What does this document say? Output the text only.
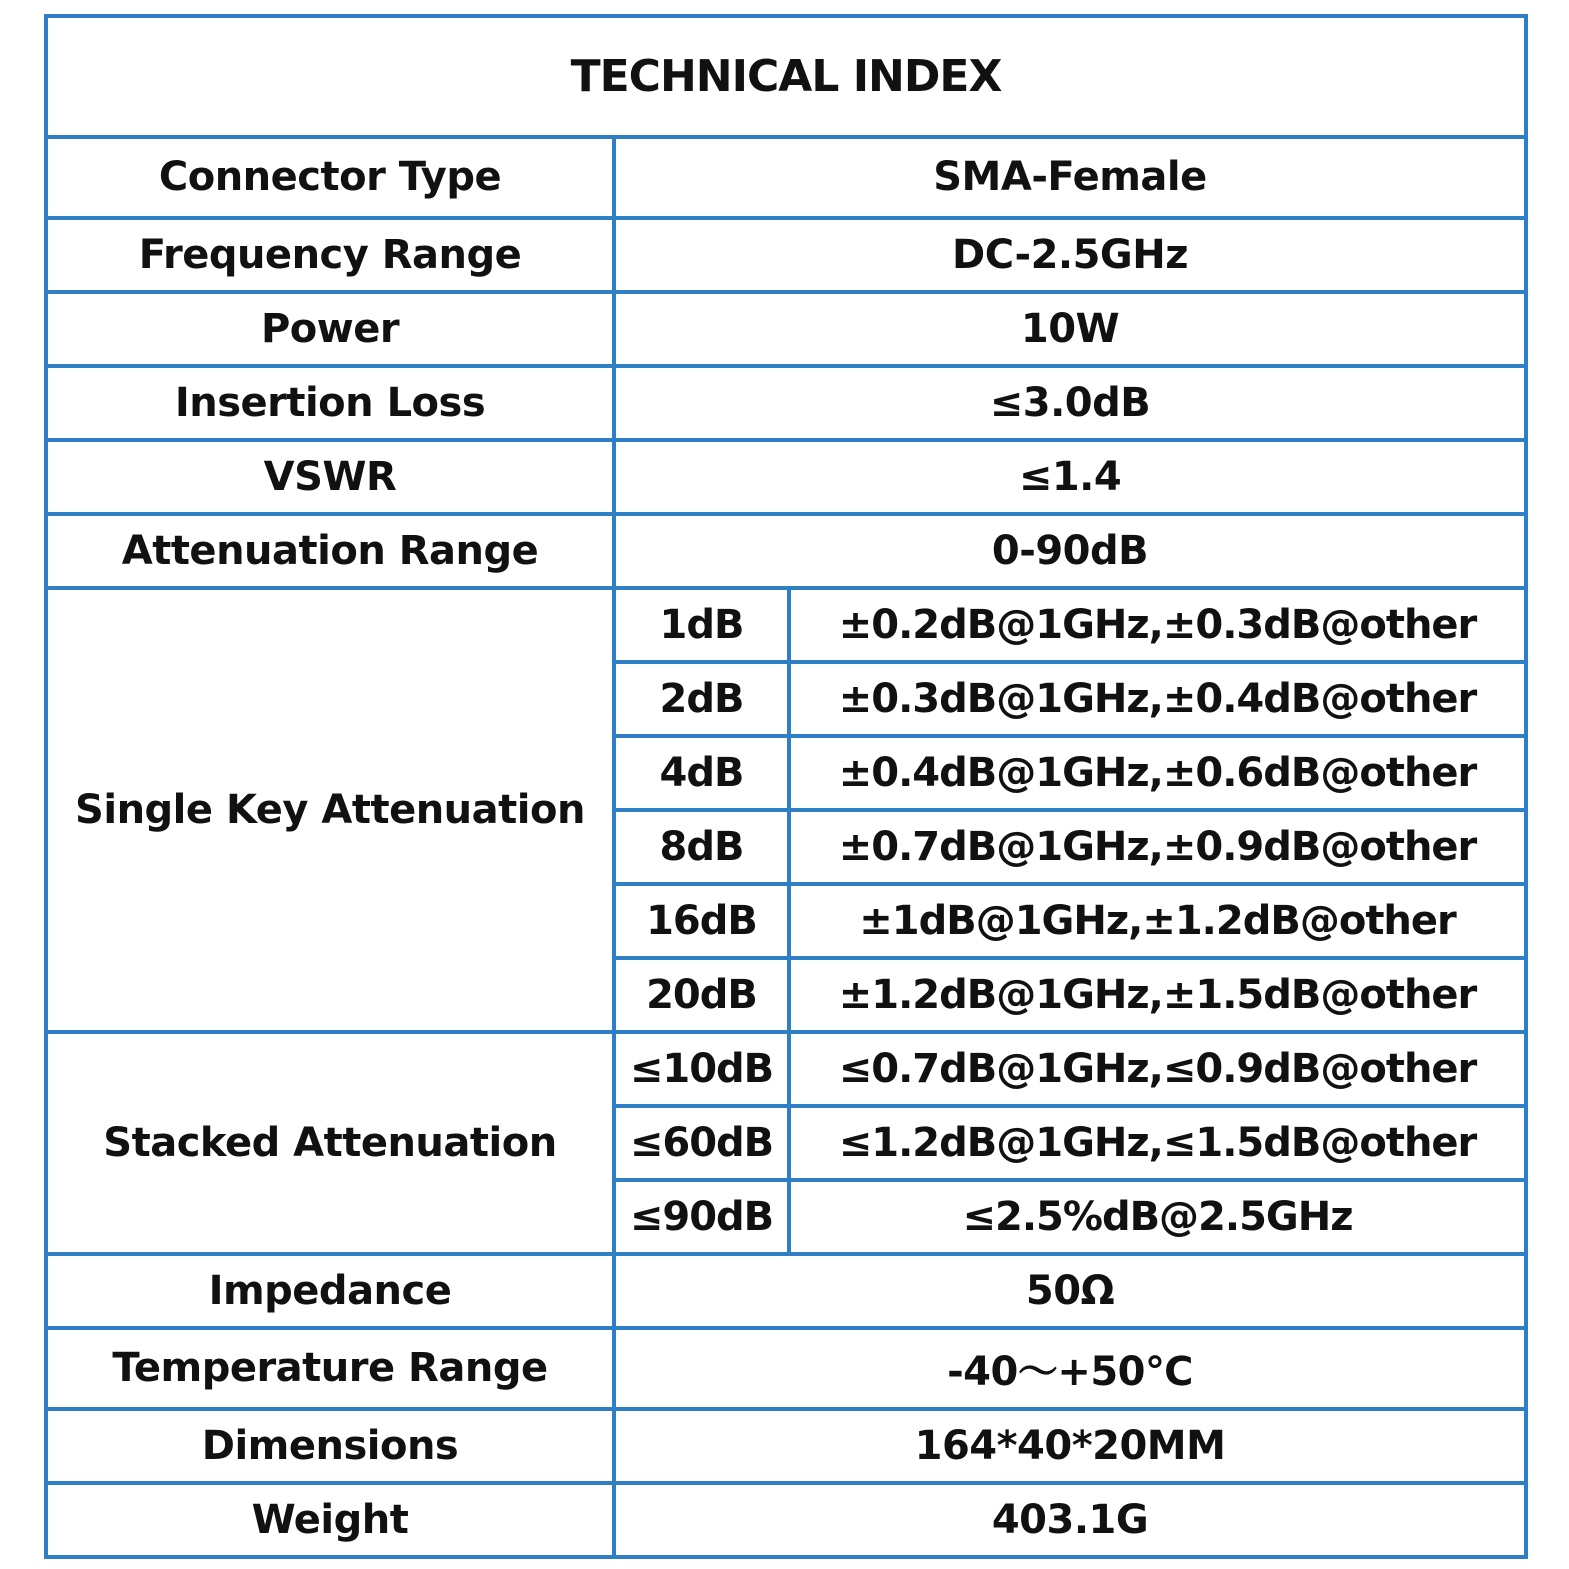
TECHNICAL INDEX		
Connector Type	SMA-Female	
Frequency Range	DC-2.5GHz	
Power	10W	
Insertion Loss	≤3.0dB	
VSWR	≤1.4	
Attenuation Range	0-90dB	
Single Key Attenuation	1dB	±0.2dB@1GHz,±0.3dB@other
	2dB	±0.3dB@1GHz,±0.4dB@other
	4dB	±0.4dB@1GHz,±0.6dB@other
	8dB	±0.7dB@1GHz,±0.9dB@other
	16dB	±1dB@1GHz,±1.2dB@other
	20dB	±1.2dB@1GHz,±1.5dB@other
Stacked Attenuation	≤10dB	≤0.7dB@1GHz,≤0.9dB@other
	≤60dB	≤1.2dB@1GHz,≤1.5dB@other
	≤90dB	≤2.5%dB@2.5GHz
Impedance	50Ω	
Temperature Range	-40～+50℃	
Dimensions	164*40*20MM	
Weight	403.1G	
